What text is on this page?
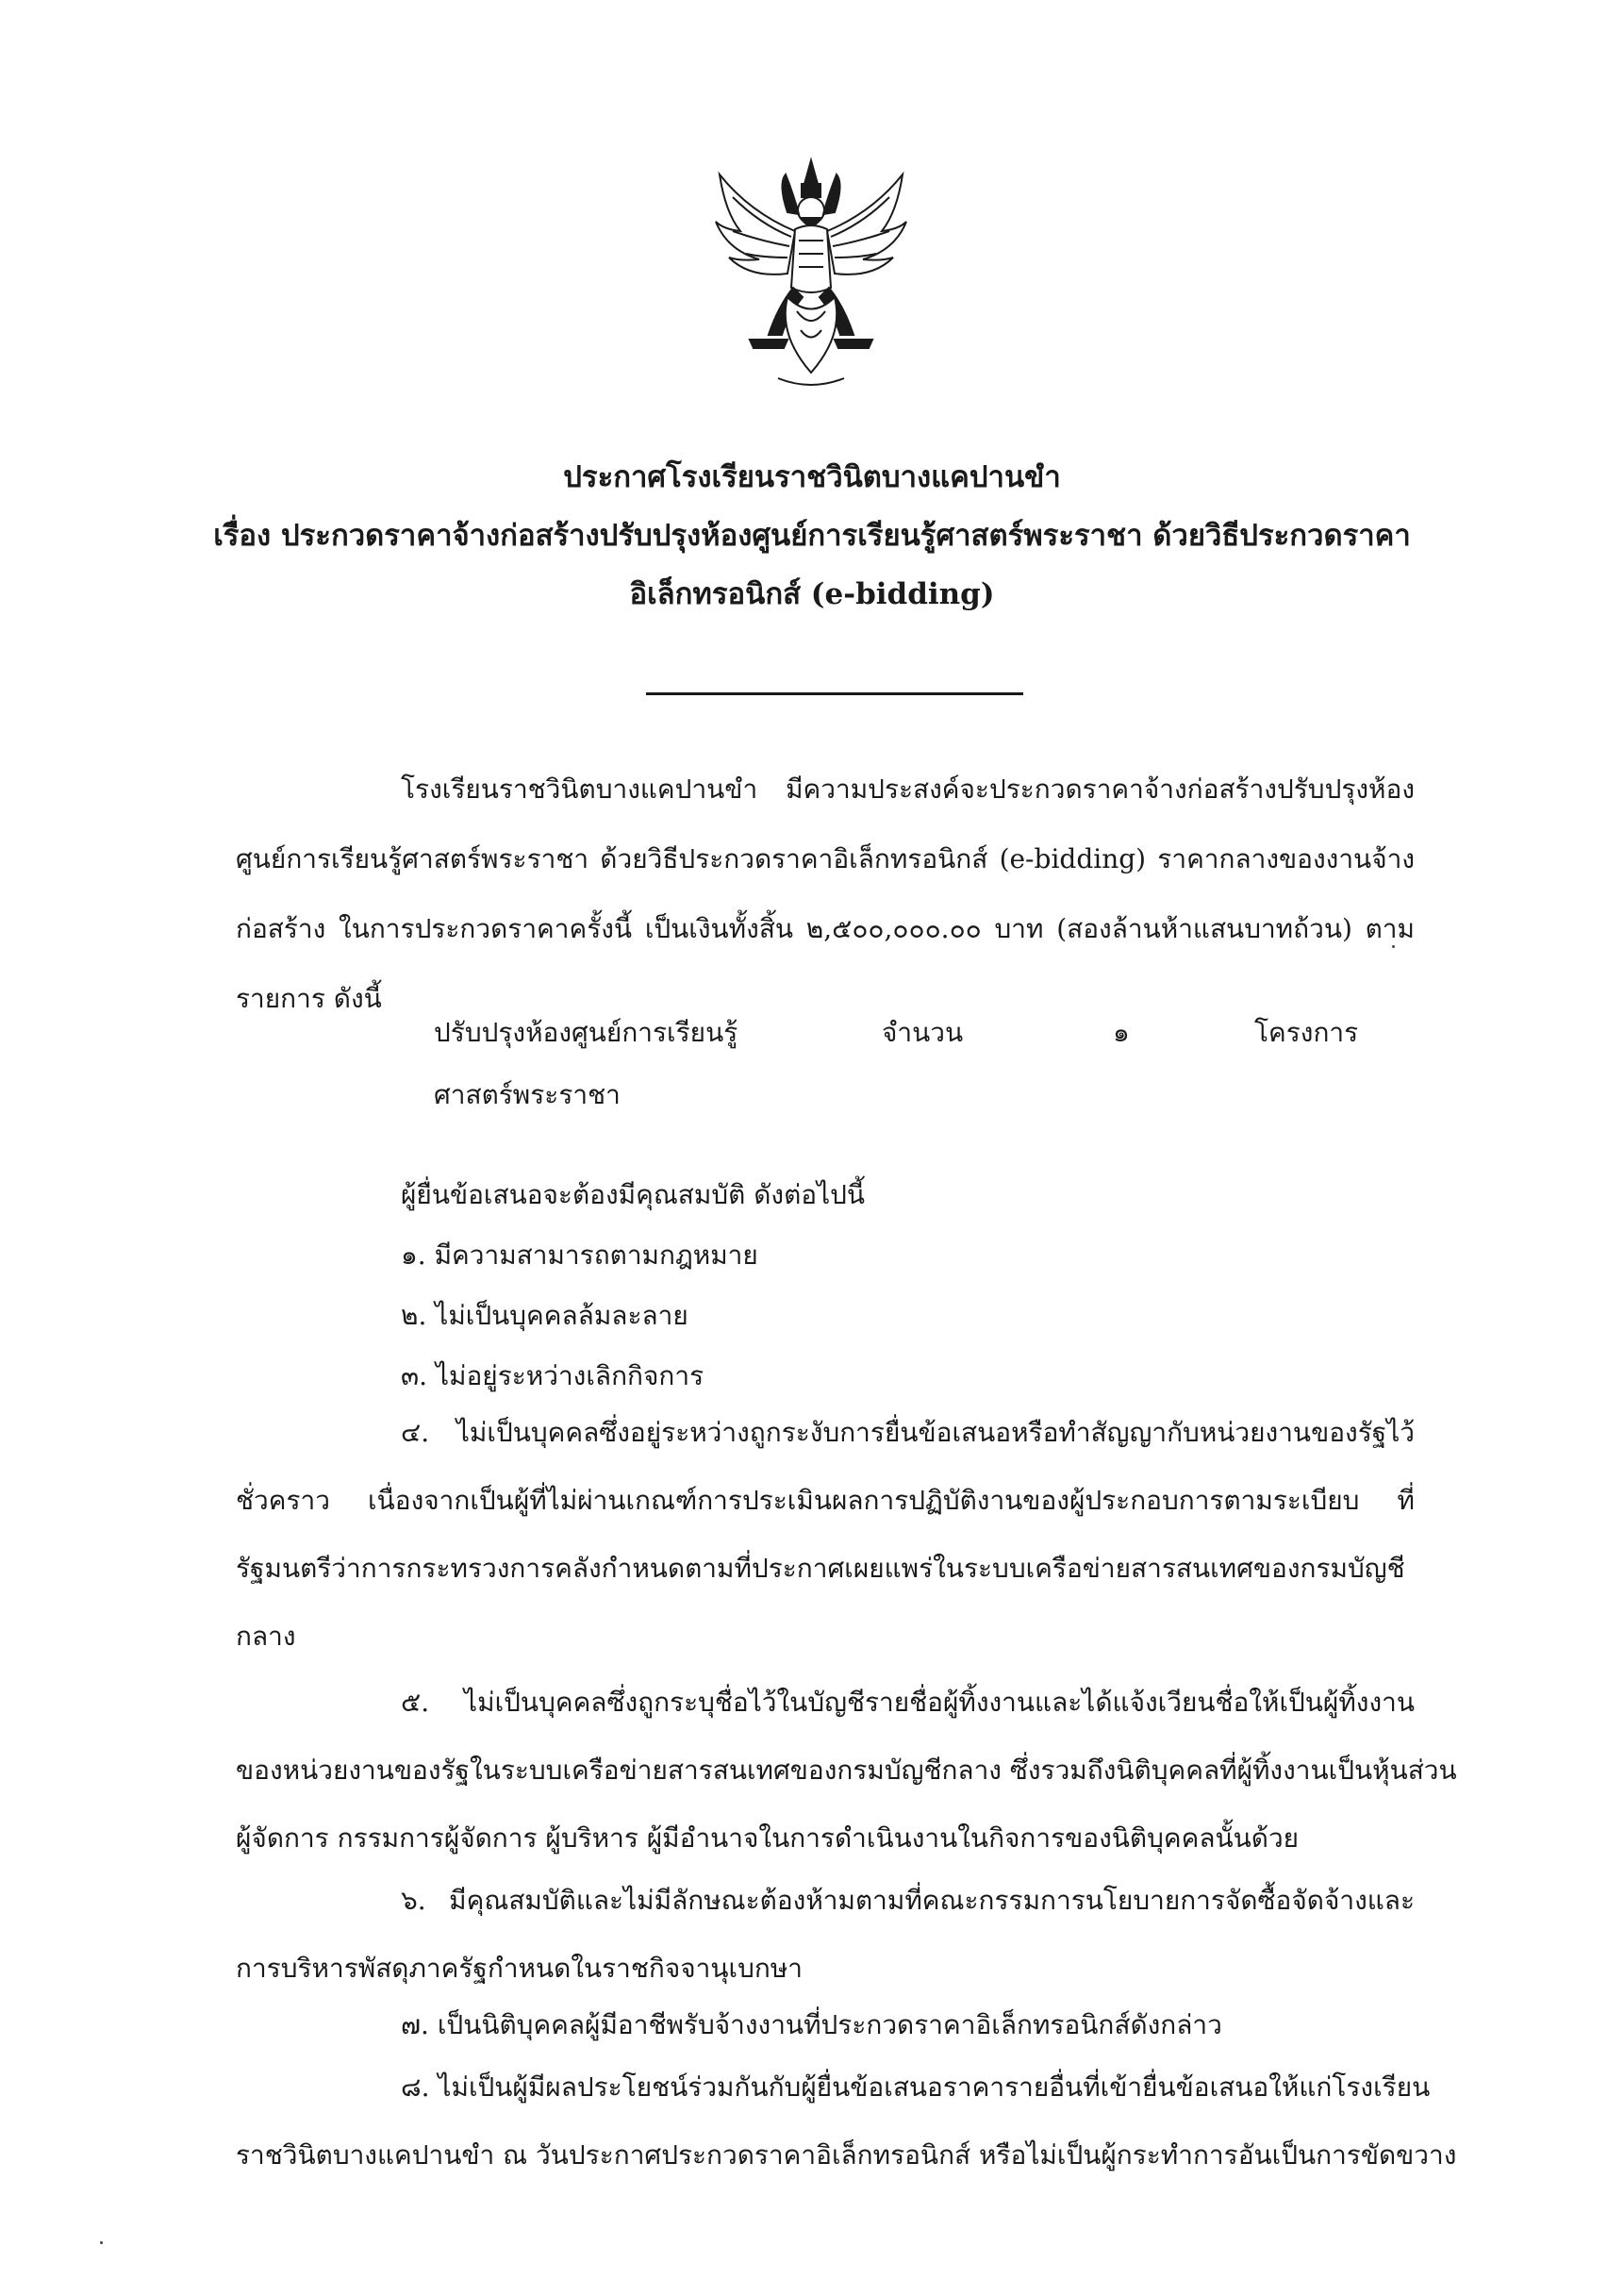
ประกาศโรงเรียนราชวินิตบางแคปานขำ
เรื่อง ประกวดราคาจ้างก่อสร้างปรับปรุงห้องศูนย์การเรียนรู้ศาสตร์พระราชา ด้วยวิธีประกวดราคา
อิเล็กทรอนิกส์ (e-bidding)
โรงเรียนราชวินิตบางแคปานขำ มีความประสงค์จะประกวดราคาจ้างก่อสร้างปรับปรุงห้อง
ศูนย์การเรียนรู้ศาสตร์พระราชา ด้วยวิธีประกวดราคาอิเล็กทรอนิกส์ (e-bidding) ราคากลางของงานจ้าง
ก่อสร้าง ในการประกวดราคาครั้งนี้ เป็นเงินทั้งสิ้น ๒,๕๐๐,๐๐๐.๐๐ บาท (สองล้านห้าแสนบาทถ้วน) ตาม
รายการ ดังนี้
ปรับปรุงห้องศูนย์การเรียนรู้
ศาสตร์พระราชา
จำนวน	๑	โครงการ
ผู้ยื่นข้อเสนอจะต้องมีคุณสมบัติ ดังต่อไปนี้
๑. มีความสามารถตามกฎหมาย
๒. ไม่เป็นบุคคลล้มละลาย
๓. ไม่อยู่ระหว่างเลิกกิจการ
๔. ไม่เป็นบุคคลซึ่งอยู่ระหว่างถูกระงับการยื่นข้อเสนอหรือทำสัญญากับหน่วยงานของรัฐไว้
ชั่วคราว เนื่องจากเป็นผู้ที่ไม่ผ่านเกณฑ์การประเมินผลการปฏิบัติงานของผู้ประกอบการตามระเบียบ ที่
รัฐมนตรีว่าการกระทรวงการคลังกำหนดตามที่ประกาศเผยแพร่ในระบบเครือข่ายสารสนเทศของกรมบัญชี
กลาง
๕. ไม่เป็นบุคคลซึ่งถูกระบุชื่อไว้ในบัญชีรายชื่อผู้ทิ้งงานและได้แจ้งเวียนชื่อให้เป็นผู้ทิ้งงาน
ของหน่วยงานของรัฐในระบบเครือข่ายสารสนเทศของกรมบัญชีกลาง ซึ่งรวมถึงนิติบุคคลที่ผู้ทิ้งงานเป็นหุ้นส่วน
ผู้จัดการ กรรมการผู้จัดการ ผู้บริหาร ผู้มีอำนาจในการดำเนินงานในกิจการของนิติบุคคลนั้นด้วย
๖. มีคุณสมบัติและไม่มีลักษณะต้องห้ามตามที่คณะกรรมการนโยบายการจัดซื้อจัดจ้างและ
การบริหารพัสดุภาครัฐกำหนดในราชกิจจานุเบกษา
๗. เป็นนิติบุคคลผู้มีอาชีพรับจ้างงานที่ประกวดราคาอิเล็กทรอนิกส์ดังกล่าว
๘. ไม่เป็นผู้มีผลประโยชน์ร่วมกันกับผู้ยื่นข้อเสนอราคารายอื่นที่เข้ายื่นข้อเสนอให้แก่โรงเรียน
ราชวินิตบางแคปานขำ ณ วันประกาศประกวดราคาอิเล็กทรอนิกส์ หรือไม่เป็นผู้กระทำการอันเป็นการขัดขวาง
